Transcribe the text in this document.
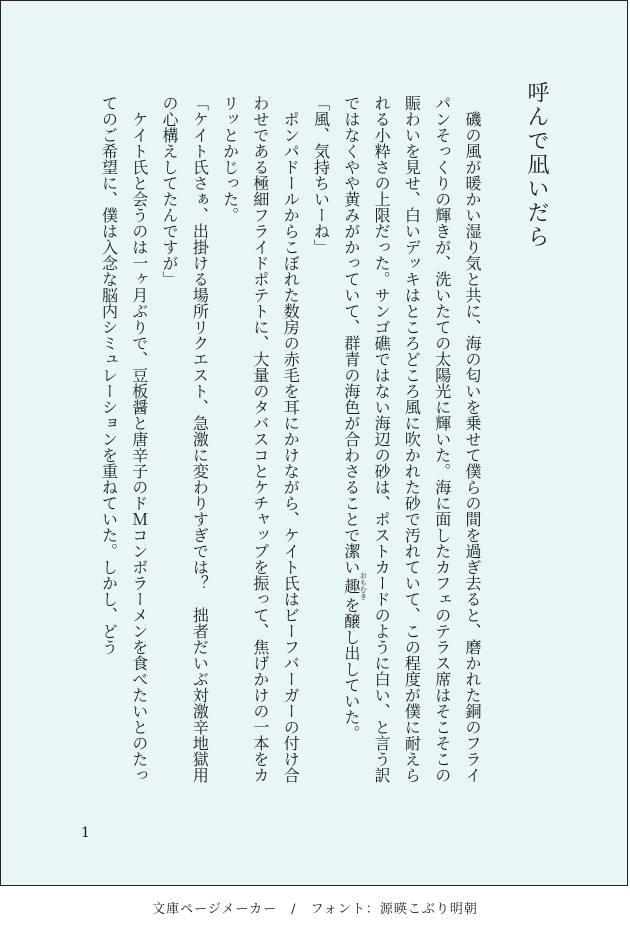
呼んで凪いだら

磯の風が暖かい湿り気と共に、海の匂いを乗せて僕らの間を過ぎ去ると、磨かれた銅のフライパンそっくりの輝きが、洗いたての太陽光に輝いた。海に面したカフェのテラス席はそこそこの賑わいを見せ、白いデッキはところどころ風に吹かれた砂で汚れていて、この程度が僕に耐えられる小粋さの上限だった。サンゴ礁ではない海辺の砂は、ポストカードのように白い、と言う訳ではなくやや黄みがかっていて、群青の海色が合わさることで潔い趣おもむきを醸し出していた。

「風、気持ちいーね」

ポンパドールからこぼれた数房の赤毛を耳にかけながら、ケイト氏はビーフバーガーの付け合わせである極細フライドポテトに、大量のタバスコとケチャップを振って、焦げかけの一本をカリッとかじった。

「ケイト氏さぁ、出掛ける場所リクエスト、急激に変わりすぎでは？　拙者だいぶ対激辛地獄用の心構えしてたんですが」

ケイト氏と会うのは一ヶ月ぶりで、豆板醤と唐辛子のドＭコンボラーメンを食べたいとのたってのご希望に、僕は入念な脳内シミュレーションを重ねていた。しかし、どう

1
文庫ページメーカー　/　フォント：源暎こぶり明朝
